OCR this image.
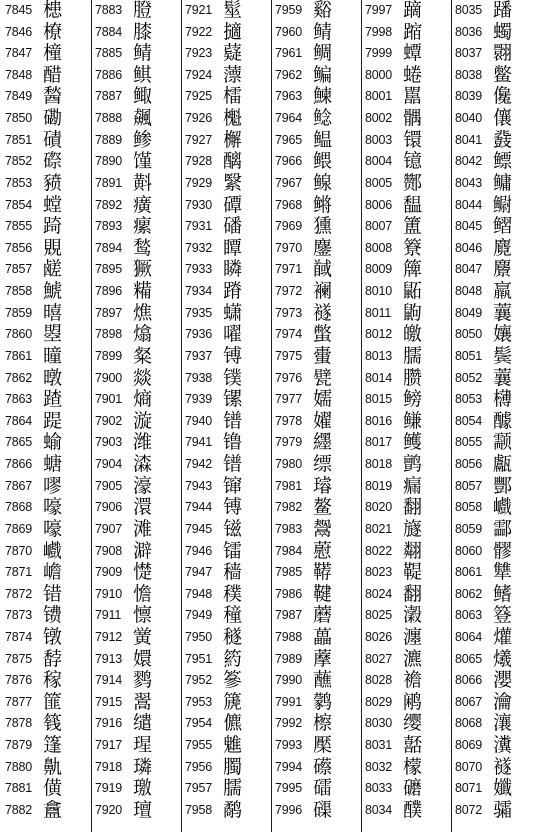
7845 槵
7846 橑
7847 橦
7848 醋
7849 醔
7850 磡
7851 磧
7852 磜
7853 豮
7854 螳
7855 踦
7856 覞
7857 鹾
7858 鯱
7859 暿
7860 曌
7861 曈
7862 暾
7863 蹅
7864 踶
7865 蝓
7866 螗
7867 嘐
7868 嚎
7869 嚎
7870 巇
7871 嶦
7872 错
7873 镄
7874 镦
7875 馞
7876 稼
7877 篚
7878 篯
7879 篷
7880 鼽
7881 僙
7882 盫
7883 膯
7884 膝
7885 鲭
7886 鲯
7887 鲰
7888 飆
7889 鲹
7890 馑
7891 斢
7892 癀
7893 瘰
7894 鹙
7895 獗
7896 糒
7897 燋
7898 熻
7899 粲
7900 燚
7901 熵
7902 漩
7903 潍
7904 潹
7905 濠
7906 澴
7907 滩
7908 澼
7909 憷
7910 憺
7911 懔
7912 黉
7913 嬛
7914 鹨
7915 翯
7916 缱
7917 瑆
7918 璘
7919 璬
7920 璮
7921 髽
7922 擿
7923 薿
7924 薸
7925 檑
7926 櫆
7927 檞
7928 醨
7929 繄
7930 磹
7931 磻
7932 瞫
7933 瞵
7934 蹐
7935 蟏
7936 嚁
7937 镈
7938 镤
7939 镙
7940 镨
7941 镥
7942 镨
7943 镩
7944 镈
7945 镃
7946 镭
7947 穑
7948 穙
7949 穜
7950 穟
7951 箹
7952 篸
7953 篪
7954 儦
7955 魋
7956 臅
7957 臑
7958 鹬
7959 谿
7960 鲭
7961 鲷
7962 鳊
7963 鰊
7964 鲶
7965 鳁
7966 鳂
7967 鳈
7968 鳉
7969 獯
7970 鏖
7971 馘
7972 襕
7973 襚
7974 蟞
7975 蟗
7976 甓
7977 嬬
7978 嬥
7979 纆
7980 缥
7981 璿
7982 鳌
7983 鬶
7984 藯
7985 鞯
7986 鞬
7987 蘑
7988 藟
7989 藦
7990 蘸
7991 鹲
7992 檫
7993 檿
7994 礤
7995 礌
7996 磲
7997 蹢
7998 蹜
7999 蟫
8000 蜷
8001 嚚
8002 髃
8003 镮
8004 镱
8005 酂
8006 馧
8007 簠
8008 簝
8009 簰
8010 鼫
8011 鼩
8012 皦
8013 臑
8014 臜
8015 鳑
8016 鳒
8017 鳠
8018 鹯
8019 瘺
8020 翻
8021 旞
8022 翷
8023 鞮
8024 翻
8025 瀔
8026 瀍
8027 瀌
8028 襜
8029 鹇
8030 缨
8031 嚭
8032 檬
8033 礳
8034 醭
8035 蹯
8036 蠋
8037 翾
8038 鳖
8039 儳
8040 儴
8041 鼗
8042 鳔
8043 鳙
8044 鳚
8045 鳛
8046 麑
8047 麖
8048 羸
8049 蘘
8050 孃
8051 鬓
8052 蘘
8053 欂
8054 醵
8055 颥
8056 甗
8057 酆
8058 巇
8059 酃
8060 髎
8061 犨
8062 鳍
8063 簦
8064 爟
8065 爔
8066 瀴
8067 瀹
8068 瀼
8069 瀵
8070 襚
8071 孅
8072 骦
